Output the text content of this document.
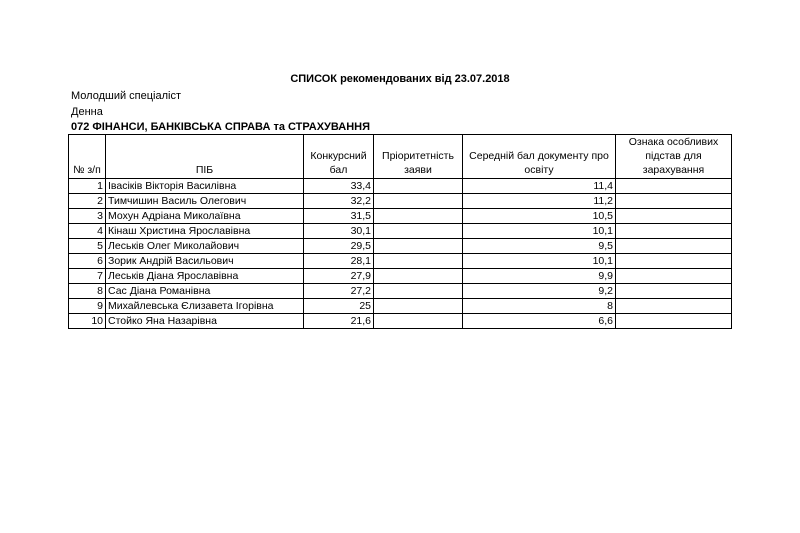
СПИСОК рекомендованих від 23.07.2018
Молодший спеціаліст
Денна
072 ФІНАНСИ, БАНКІВСЬКА СПРАВА та СТРАХУВАННЯ
№ з/п	ПІБ	Конкурсний бал	Пріоритетність заяви	Середній бал документу про освіту	Ознака особливих підстав для зарахування
1	Івасіків Вікторія Василівна	33,4		11,4	
2	Тимчишин Василь Олегович	32,2		11,2	
3	Мохун Адріана Миколаївна	31,5		10,5	
4	Кінаш Христина Ярославівна	30,1		10,1	
5	Леськів Олег Миколайович	29,5		9,5	
6	Зорик Андрій Васильович	28,1		10,1	
7	Леськів Діана Ярославівна	27,9		9,9	
8	Сас Діана Романівна	27,2		9,2	
9	Михайлевська Єлизавета Ігорівна	25		8	
10	Стойко Яна Назарівна	21,6		6,6	
